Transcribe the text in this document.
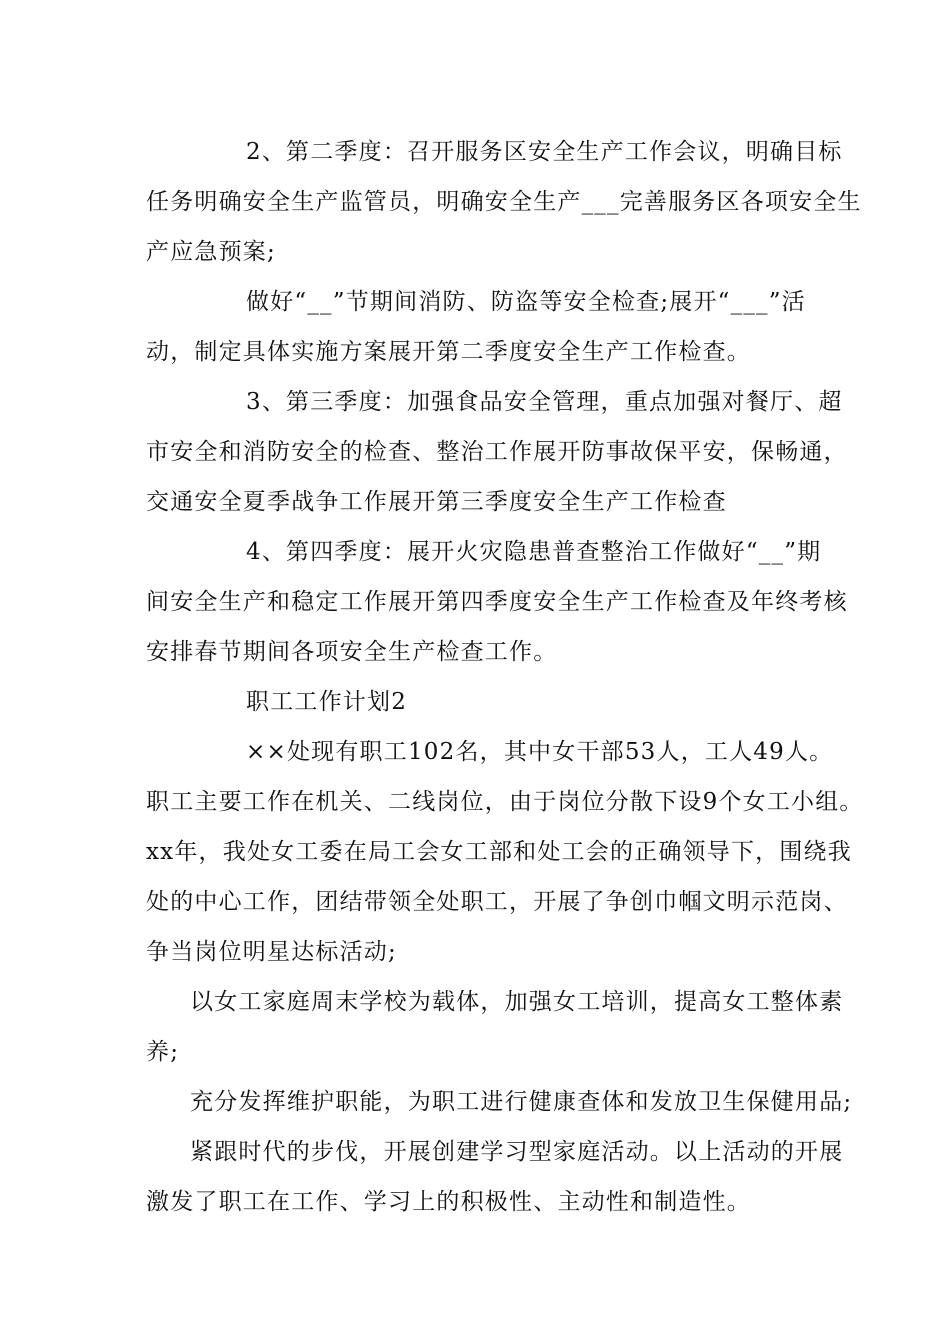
2、第二季度：召开服务区安全生产工作会议，明确目标
任务明确安全生产监管员，明确安全生产___完善服务区各项安全生
产应急预案;
做好“__”节期间消防、防盗等安全检查;展开“___”活
动，制定具体实施方案展开第二季度安全生产工作检查。
3、第三季度：加强食品安全管理，重点加强对餐厅、超
市安全和消防安全的检查、整治工作展开防事故保平安，保畅通，
交通安全夏季战争工作展开第三季度安全生产工作检查
4、第四季度：展开火灾隐患普查整治工作做好“__”期
间安全生产和稳定工作展开第四季度安全生产工作检查及年终考核
安排春节期间各项安全生产检查工作。
职工工作计划2
××处现有职工102名，其中女干部53人，工人49人。
职工主要工作在机关、二线岗位，由于岗位分散下设9个女工小组。
xx年，我处女工委在局工会女工部和处工会的正确领导下，围绕我
处的中心工作，团结带领全处职工，开展了争创巾帼文明示范岗、
争当岗位明星达标活动;
以女工家庭周末学校为载体，加强女工培训，提高女工整体素
养;
充分发挥维护职能，为职工进行健康查体和发放卫生保健用品;
紧跟时代的步伐，开展创建学习型家庭活动。以上活动的开展
激发了职工在工作、学习上的积极性、主动性和制造性。
